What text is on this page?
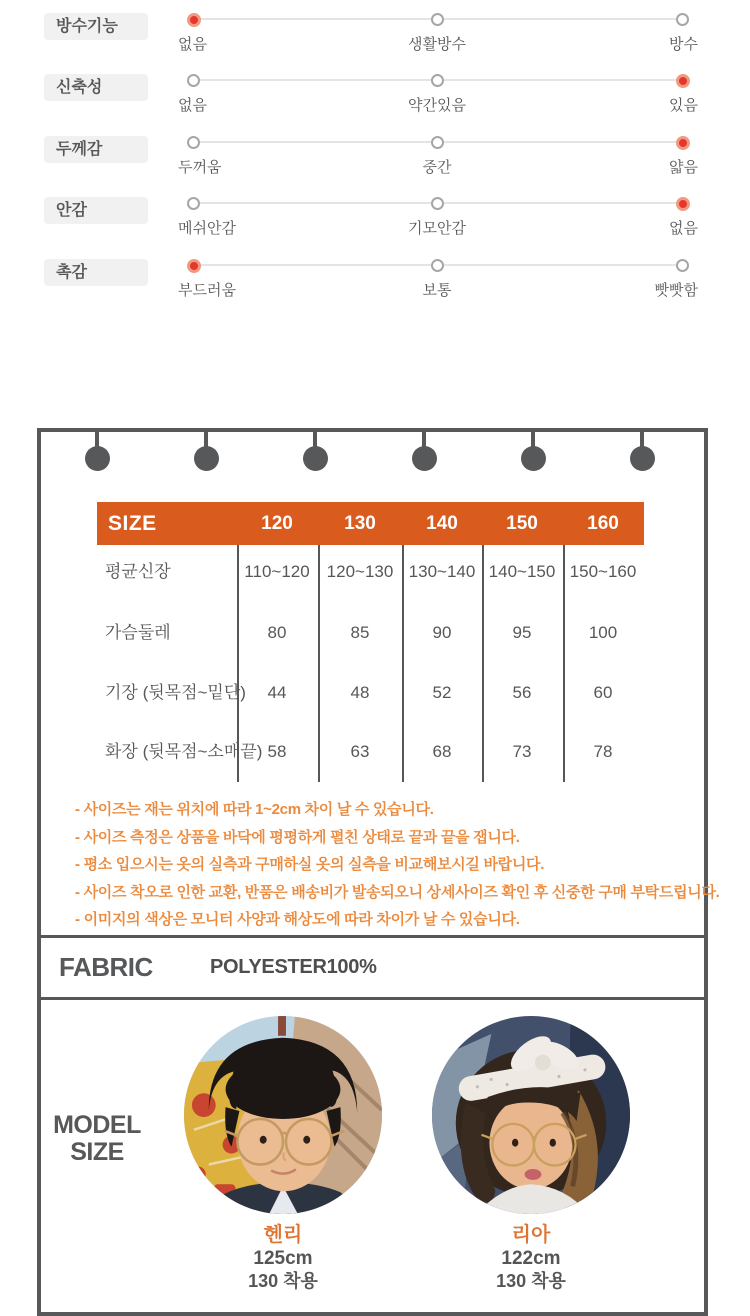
방수기능
없음	생활방수	방수
신축성
없음	약간있음	있음
두께감
두꺼움	중간	얇음
안감
메쉬안감	기모안감	없음
촉감
부드러움	보통	빳빳함
SIZE	120	130	140	150	160
평균신장	110~120 120~130 130~140 140~150 150~160
가슴둘레	80	85	90	95	100
기장 (뒷목점~밑단) 44	48	52	56	60
화장 (뒷목점~소매끝) 58	63	68	73	78
- 사이즈는 재는 위치에 따라 1~2cm 차이 날 수 있습니다.
- 사이즈 측정은 상품을 바닥에 평평하게 펼친 상태로 끝과 끝을 잽니다.
- 평소 입으시는 옷의 실측과 구매하실 옷의 실측을 비교해보시길 바랍니다.
- 사이즈 착오로 인한 교환, 반품은 배송비가 발송되오니 상세사이즈 확인 후 신중한 구매 부탁드립니다.
- 이미지의 색상은 모니터 사양과 해상도에 따라 차이가 날 수 있습니다.
FABRIC	POLYESTER100%
MODEL SIZE
헨리
125cm
130 착용
리아
122cm
130 착용
